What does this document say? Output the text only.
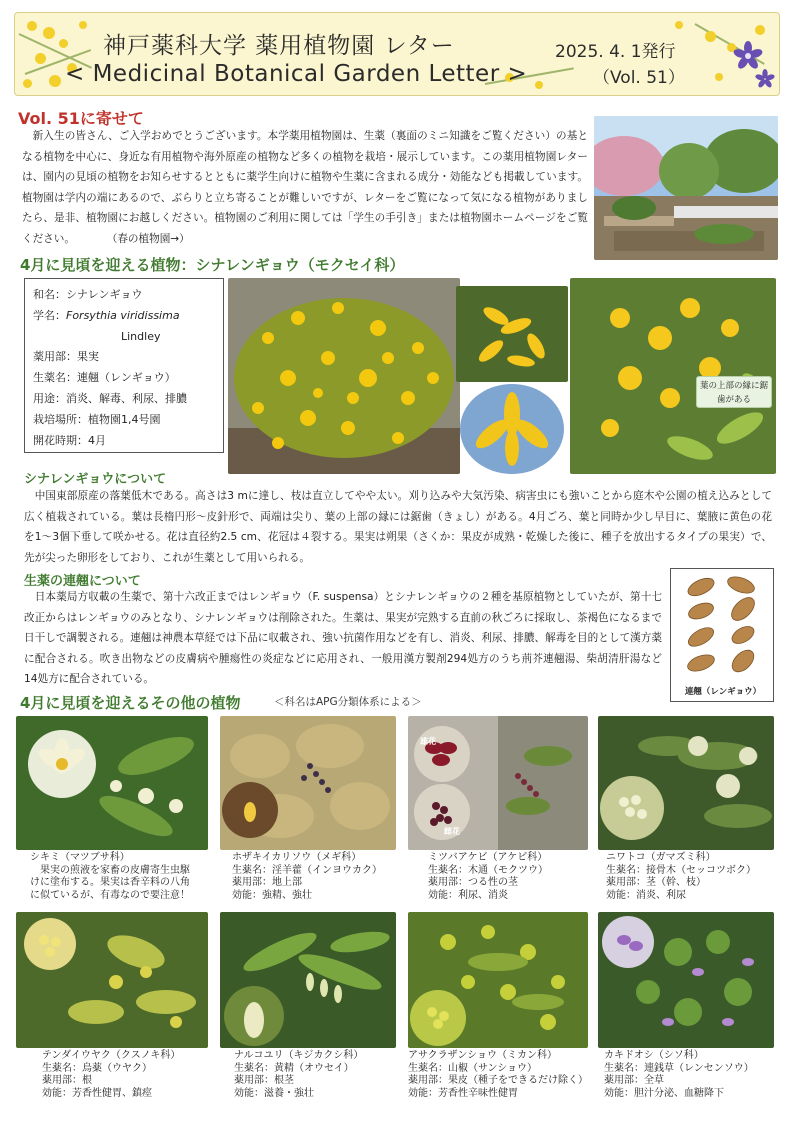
神戸薬科大学 薬用植物園 レター
< Medicinal Botanical Garden Letter >
2025. 4. 1発行
（Vol. 51）
Vol. 51に寄せて
　新入生の皆さん、ご入学おめでとうございます。本学薬用植物園は、生薬（裏面のミニ知識をご覧ください）の基となる植物を中心に、身近な有用植物や海外原産の植物など多くの植物を栽培・展示しています。この薬用植物園レターは、園内の見頃の植物をお知らせするとともに薬学生向けに植物や生薬に含まれる成分・効能なども掲載しています。植物園は学内の端にあるので、ぶらりと立ち寄ることが難しいですが、レターをご覧になって気になる植物がありましたら、是非、植物園にお越しください。植物園のご利用に関しては「学生の手引き」または植物園ホームページをご覧ください。　　　　（春の植物園→）
4月に見頃を迎える植物：シナレンギョウ（モクセイ科）
和名：シナレンギョウ
学名：Forsythia viridissima
Lindley
薬用部：果実
生薬名：連翹（レンギョウ）
用途：消炎、解毒、利尿、排膿
栽培場所：植物園1,4号園
開花時期：4月
葉の上部の縁に鋸歯がある
シナレンギョウについて
　中国東部原産の落葉低木である。高さは3 mに達し、枝は直立してやや太い。刈り込みや大気汚染、病害虫にも強いことから庭木や公園の植え込みとして広く植栽されている。葉は長楕円形〜皮針形で、両端は尖り、葉の上部の縁には鋸歯（きょし）がある。4月ごろ、葉と同時か少し早目に、葉腋に黄色の花を1〜3個下垂して咲かせる。花は直径約2.5 cm、花冠は４裂する。果実は朔果（さくか：果皮が成熟・乾燥した後に、種子を放出するタイプの果実）で、先が尖った卵形をしており、これが生薬として用いられる。
生薬の連翹について
　日本薬局方収載の生薬で、第十六改正まではレンギョウ（F. suspensa）とシナレンギョウの２種を基原植物としていたが、第十七改正からはレンギョウのみとなり、シナレンギョウは削除された。生薬は、果実が完熟する直前の秋ごろに採取し、茶褐色になるまで日干しで調製される。連翹は神農本草経では下品に収載され、強い抗菌作用などを有し、消炎、利尿、排膿、解毒を目的として漢方薬に配合される。吹き出物などの皮膚病や腫瘍性の炎症などに応用され、一般用漢方製剤294処方のうち荊芥連翹湯、柴胡清肝湯など14処方に配合されている。
連翹（レンギョウ）
4月に見頃を迎えるその他の植物	＜科名はAPG分類体系による＞
雄花
雌花
シキミ（マツブサ科）
　果実の煎液を家畜の皮膚寄生虫駆
けに塗布する。果実は香辛料の八角
に似ているが、有毒なので要注意！
ホザキイカリソウ（メギ科）
生薬名：淫羊藿（インヨウカク）
薬用部：地上部
効能：強精、強壮
ミツバアケビ（アケビ科）
生薬名：木通（モクツウ）
薬用部：つる性の茎
効能：利尿、消炎
ニワトコ（ガマズミ科）
生薬名：接骨木（セッコツボク）
薬用部：茎（幹、枝）
効能：消炎、利尿
テンダイウヤク（クスノキ科）
生薬名：烏薬（ウヤク）
薬用部：根
効能：芳香性健胃、鎮痙
ナルコユリ（キジカクシ科）
生薬名：黄精（オウセイ）
薬用部：根茎
効能：滋養・強壮
アサクラザンショウ（ミカン科）
生薬名：山椒（サンショウ）
薬用部：果皮（種子をできるだけ除く）
効能：芳香性辛味性健胃
カキドオシ（シソ科）
生薬名：連銭草（レンセンソウ）
薬用部：全草
効能：胆汁分泌、血糖降下
